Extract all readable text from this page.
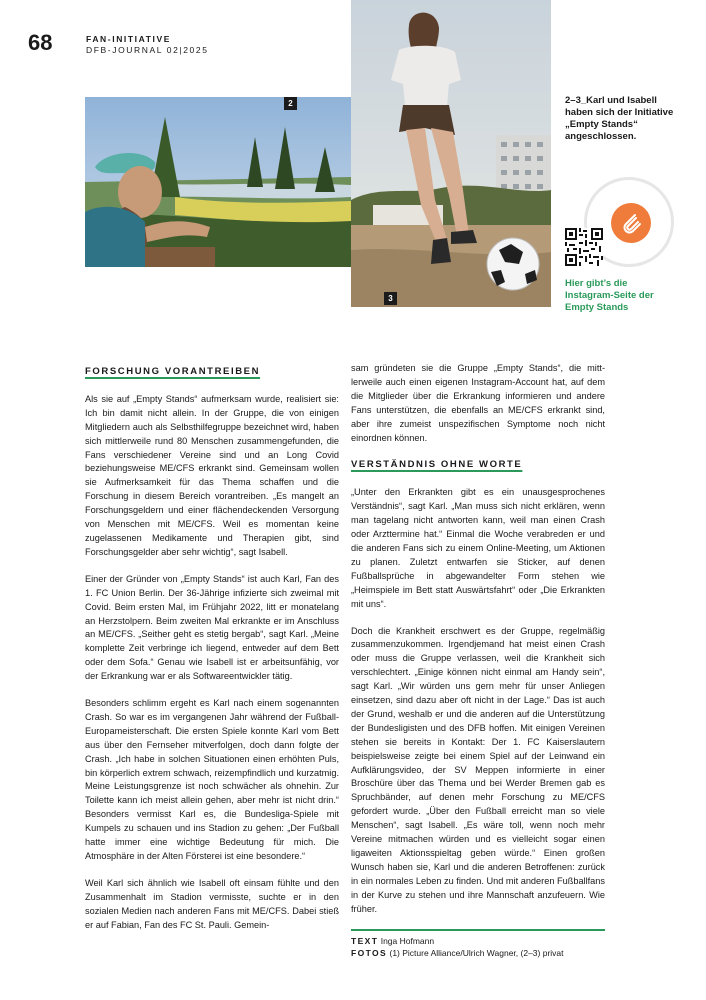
68	FAN-INITIATIVE
DFB-JOURNAL 02|2025
2
3
2–3_Karl und Isabell haben sich der Initiative „Empty Stands“ angeschlossen.
Hier gibt’s die Instagram-Seite der Empty Stands
FORSCHUNG VORANTREIBEN

Als sie auf „Empty Stands“ aufmerksam wurde, realisiert sie: Ich bin damit nicht allein. In der Gruppe, die von einigen Mitgliedern auch als Selbsthilfegruppe bezeichnet wird, haben sich mittlerweile rund 80 Menschen zusammengefunden, die Fans verschiedener Vereine sind und an Long Covid beziehungsweise ME/CFS erkrankt sind. Gemeinsam wollen sie Aufmerksamkeit für das Thema schaffen und die Forschung in diesem Bereich vorantreiben. „Es mangelt an Forschungsgeldern und einer flächendeckenden Versorgung von Menschen mit ME/CFS. Weil es momentan keine zugelassenen Medikamente und Therapien gibt, sind Forschungsgelder aber sehr wichtig“, sagt Isabell.

Einer der Gründer von „Empty Stands“ ist auch Karl, Fan des 1. FC Union Berlin. Der 36-Jährige infizierte sich zweimal mit Covid. Beim ersten Mal, im Frühjahr 2022, litt er monatelang an Herzstolpern. Beim zweiten Mal erkrankte er im Anschluss an ME/CFS. „Seither geht es stetig bergab“, sagt Karl. „Meine komplette Zeit verbringe ich liegend, entweder auf dem Bett oder dem Sofa.“ Genau wie Isabell ist er arbeitsunfähig, vor der Erkrankung war er als Softwareentwickler tätig.

Besonders schlimm ergeht es Karl nach einem sogenannten Crash. So war es im vergangenen Jahr während der Fußball-Europameisterschaft. Die ersten Spiele konnte Karl vom Bett aus über den Fernseher mitverfolgen, doch dann folgte der Crash. „Ich habe in solchen Situationen einen erhöhten Puls, bin körperlich extrem schwach, reizempfindlich und kurzatmig. Meine Leistungsgrenze ist noch schwächer als ohnehin. Zur Toilette kann ich meist allein gehen, aber mehr ist nicht drin.“ Besonders vermisst Karl es, die Bundesliga-Spiele mit Kumpels zu schauen und ins Stadion zu gehen: „Der Fußball hatte immer eine wichtige Bedeutung für mich. Die Atmosphäre in der Alten Försterei ist eine besondere.“

Weil Karl sich ähnlich wie Isabell oft einsam fühlte und den Zusammenhalt im Stadion vermisste, suchte er in den sozialen Medien nach anderen Fans mit ME/CFS. Dabei stieß er auf Fabian, Fan des FC St. Pauli. Gemein-

sam gründeten sie die Gruppe „Empty Stands“, die mittlerweile auch einen eigenen Instagram-Account hat, auf dem die Mitglieder über die Erkrankung informieren und andere Fans unterstützen, die ebenfalls an ME/CFS erkrankt sind, aber ihre zumeist unspezifischen Symptome noch nicht einordnen können.

VERSTÄNDNIS OHNE WORTE

„Unter den Erkrankten gibt es ein unausgesprochenes Verständnis“, sagt Karl. „Man muss sich nicht erklären, wenn man tagelang nicht antworten kann, weil man einen Crash oder Arzttermine hat.“ Einmal die Woche verabreden er und die anderen Fans sich zu einem Online-Meeting, um Aktionen zu planen. Zuletzt entwarfen sie Sticker, auf denen Fußballsprüche in abgewandelter Form stehen wie „Heimspiele im Bett statt Auswärtsfahrt“ oder „Die Erkrankten mit uns“.

Doch die Krankheit erschwert es der Gruppe, regelmäßig zusammenzukommen. Irgendjemand hat meist einen Crash oder muss die Gruppe verlassen, weil die Krankheit sich verschlechtert. „Einige können nicht einmal am Handy sein“, sagt Karl. „Wir würden uns gern mehr für unser Anliegen einsetzen, sind dazu aber oft nicht in der Lage.“ Das ist auch der Grund, weshalb er und die anderen auf die Unterstützung der Bundesligisten und des DFB hoffen. Mit einigen Vereinen stehen sie bereits in Kontakt: Der 1. FC Kaiserslautern beispielsweise zeigte bei einem Spiel auf der Leinwand ein Aufklärungsvideo, der SV Meppen informierte in einer Broschüre über das Thema und bei Werder Bremen gab es Spruchbänder, auf denen mehr Forschung zu ME/CFS gefordert wurde. „Über den Fußball erreicht man so viele Menschen“, sagt Isabell. „Es wäre toll, wenn noch mehr Vereine mitmachen würden und es vielleicht sogar einen ligaweiten Aktionsspieltag geben würde.“ Einen großen Wunsch haben sie, Karl und die anderen Betroffenen: zurück in ein normales Leben zu finden. Und mit anderen Fußballfans in der Kurve zu stehen und ihre Mannschaft anzufeuern. Wie früher.

TEXT Inga Hofmann
FOTOS (1) Picture Alliance/Ulrich Wagner, (2–3) privat
